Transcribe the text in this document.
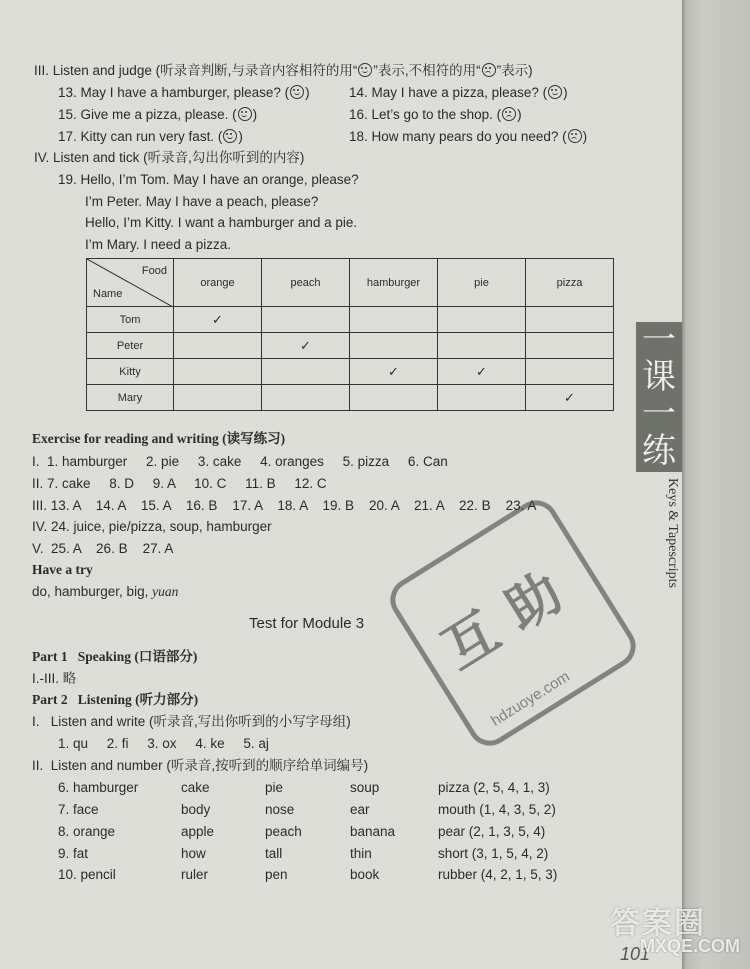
III. Listen and judge (听录音判断,与录音内容相符的用“ ”表示,不相符的用“ ”表示)
13. May I have a hamburger, please? ( )	14. May I have a pizza, please? ( )
15. Give me a pizza, please. ( )	16. Let’s go to the shop. ( )
17. Kitty can run very fast. ( )	18. How many pears do you need? ( )
IV. Listen and tick (听录音,勾出你听到的内容)
19. Hello, I’m Tom. May I have an orange, please?
I’m Peter. May I have a peach, please?
Hello, I’m Kitty. I want a hamburger and a pie.
I’m Mary. I need a pizza.
Food
Name	orange	peach	hamburger	pie	pizza
Tom	✓				
Peter		✓			
Kitty			✓	✓	
Mary					✓
Exercise for reading and writing (读写练习)
I.  1. hamburger     2. pie     3. cake     4. oranges     5. pizza     6. Can
II. 7. cake     8. D     9. A     10. C     11. B     12. C
III. 13. A    14. A    15. A    16. B    17. A    18. A    19. B    20. A    21. A    22. B    23. A
IV. 24. juice, pie/pizza, soup, hamburger
V.  25. A    26. B    27. A
Have a try
do, hamburger, big, yuan
Test for Module 3
Part 1   Speaking (口语部分)
I.-III. 略
Part 2   Listening (听力部分)
I.   Listen and write (听录音,写出你听到的小写字母组)
1. qu     2. fi     3. ox     4. ke     5. aj
II.  Listen and number (听录音,按听到的顺序给单词编号)
6. hamburger	cake	pie	soup	pizza (2, 5, 4, 1, 3)
7. face	body	nose	ear	mouth (1, 4, 3, 5, 2)
8. orange	apple	peach	banana	pear (2, 1, 3, 5, 4)
9. fat	how	tall	thin	short (3, 1, 5, 4, 2)
10. pencil	ruler	pen	book	rubber (4, 2, 1, 5, 3)
互
助
hdzuoye.com
一课一练
Keys & Tapescripts
101
答案圈
MXQE.COM
